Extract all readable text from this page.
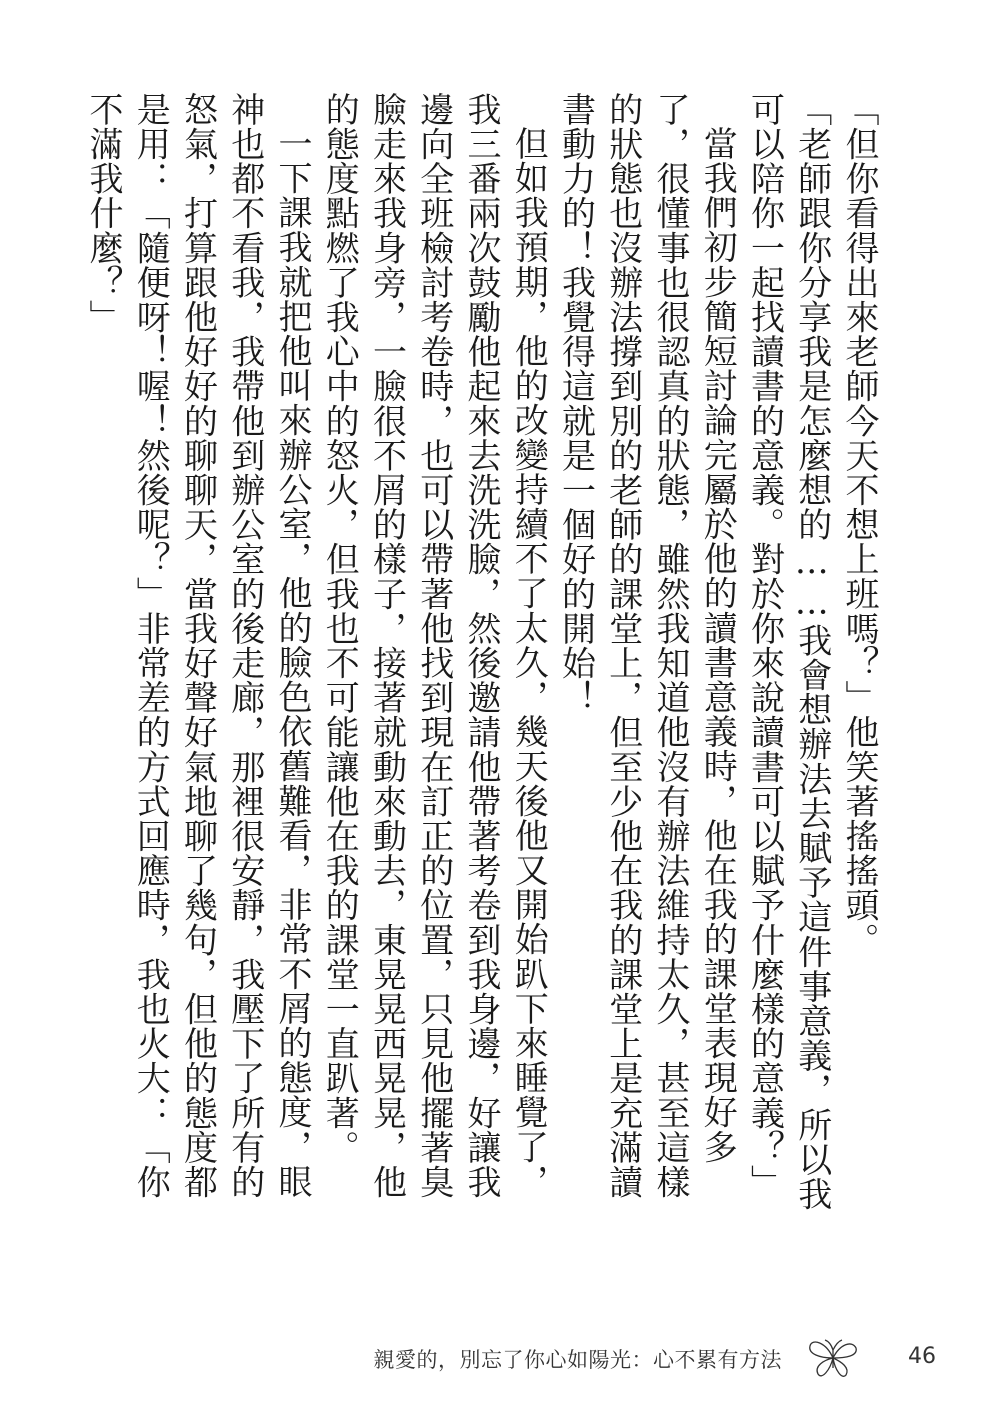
「但你看得出來老師今天不想上班嗎？」他笑著搖搖頭。

「老師跟你分享我是怎麼想的……我會想辦法去賦予這件事意義，所以我可以陪你一起找讀書的意義。對於你來說讀書可以賦予什麼樣的意義？」

當我們初步簡短討論完屬於他的讀書意義時，他在我的課堂表現好多了，很懂事也很認真的狀態，雖然我知道他沒有辦法維持太久，甚至這樣的狀態也沒辦法撐到別的老師的課堂上，但至少他在我的課堂上是充滿讀書動力的！我覺得這就是一個好的開始！

但如我預期，他的改變持續不了太久，幾天後他又開始趴下來睡覺了，我三番兩次鼓勵他起來去洗洗臉，然後邀請他帶著考卷到我身邊，好讓我邊向全班檢討考卷時，也可以帶著他找到現在訂正的位置，只見他擺著臭臉走來我身旁，一臉很不屑的樣子，接著就動來動去，東晃晃西晃晃，他的態度點燃了我心中的怒火，但我也不可能讓他在我的課堂一直趴著。

一下課我就把他叫來辦公室，他的臉色依舊難看，非常不屑的態度，眼神也都不看我，我帶他到辦公室的後走廊，那裡很安靜，我壓下了所有的怒氣，打算跟他好好的聊聊天，當我好聲好氣地聊了幾句，但他的態度都是用：「隨便呀！喔！然後呢？」非常差的方式回應時，我也火大：「你不滿我什麼？」

親愛的，別忘了你心如陽光：心不累有方法	46
